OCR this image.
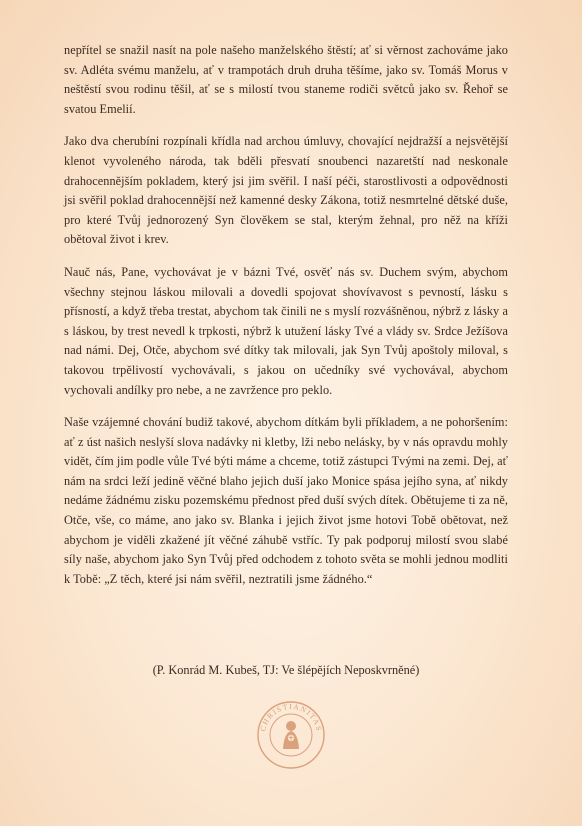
nepřítel se snažil nasít na pole našeho manželského štěstí; ať si věrnost zachováme jako sv. Adléta svému manželu, ať v trampotách druh druha těšíme, jako sv. Tomáš Morus v neštěstí svou rodinu těšil, ať se s milostí tvou staneme rodiči světců jako sv. Řehoř se svatou Emelií.

Jako dva cherubíni rozpínali křídla nad archou úmluvy, chovající nejdražší a nejsvětější klenot vyvoleného národa, tak bděli přesvatí snoubenci nazaretští nad neskonale drahocennějším pokladem, který jsi jim svěřil. I naší péči, starostlivosti a odpovědnosti jsi svěřil poklad drahocennější než kamenné desky Zákona, totiž nesmrtelné dětské duše, pro které Tvůj jednorozený Syn člověkem se stal, kterým žehnal, pro něž na kříži obětoval život i krev.

Nauč nás, Pane, vychovávat je v bázni Tvé, osvěť nás sv. Duchem svým, abychom všechny stejnou láskou milovali a dovedli spojovat shovívavost s pevností, lásku s přísností, a když třeba trestat, abychom tak činili ne s myslí rozvášněnou, nýbrž z lásky a s láskou, by trest nevedl k trpkosti, nýbrž k utužení lásky Tvé a vlády sv. Srdce Ježíšova nad námi. Dej, Otče, abychom své dítky tak milovali, jak Syn Tvůj apoštoly miloval, s takovou trpělivostí vychovávali, s jakou on učedníky své vychovával, abychom vychovali andílky pro nebe, a ne zavržence pro peklo.

Naše vzájemné chování budiž takové, abychom dítkám byli příkladem, a ne pohoršením: ať z úst našich neslyší slova nadávky ni kletby, lži nebo nelásky, by v nás opravdu mohly vidět, čím jim podle vůle Tvé býti máme a chceme, totiž zástupci Tvými na zemi. Dej, ať nám na srdci leží jedině věčné blaho jejich duší jako Monice spása jejího syna, ať nikdy nedáme žádnému zisku pozemskému přednost před duší svých dítek. Obětujeme ti za ně, Otče, vše, co máme, ano jako sv. Blanka i jejich život jsme hotovi Tobě obětovat, než abychom je viděli zkažené jít věčné záhubě vstříc. Ty pak podporuj milostí svou slabé síly naše, abychom jako Syn Tvůj před odchodem z tohoto světa se mohli jednou modliti k Tobě: „Z těch, které jsi nám svěřil, neztratili jsme žádného.“

(P. Konrád M. Kubeš, TJ: Ve šlépějích Neposkvrněné)

CHRISTIANITAS
